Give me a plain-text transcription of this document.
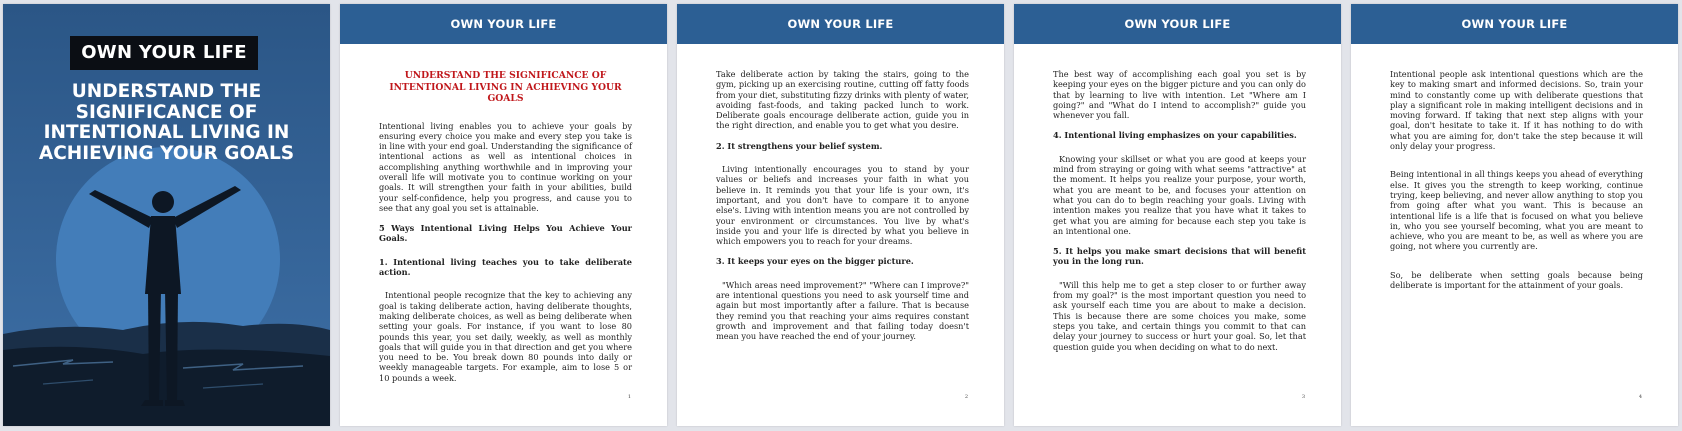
OWN YOUR LIFE
UNDERSTAND THE SIGNIFICANCE OF INTENTIONAL LIVING IN ACHIEVING YOUR GOALS
OWN YOUR LIFE
UNDERSTAND THE SIGNIFICANCE OF INTENTIONAL LIVING IN ACHIEVING YOUR GOALS

Intentional living enables you to achieve your goals by ensuring every choice you make and every step you take is in line with your end goal. Understanding the significance of intentional actions as well as intentional choices in accomplishing anything worthwhile and in improving your overall life will motivate you to continue working on your goals. It will strengthen your faith in your abilities, build your self-confidence, help you progress, and cause you to see that any goal you set is attainable.

5 Ways Intentional Living Helps You Achieve Your Goals.

1. Intentional living teaches you to take deliberate action.

Intentional people recognize that the key to achieving any goal is taking deliberate action, having deliberate thoughts, making deliberate choices, as well as being deliberate when setting your goals. For instance, if you want to lose 80 pounds this year, you set daily, weekly, as well as monthly goals that will guide you in that direction and get you where you need to be. You break down 80 pounds into daily or weekly manageable targets. For example, aim to lose 5 or 10 pounds a week.

1
OWN YOUR LIFE

Take deliberate action by taking the stairs, going to the gym, picking up an exercising routine, cutting off fatty foods from your diet, substituting fizzy drinks with plenty of water, avoiding fast-foods, and taking packed lunch to work. Deliberate goals encourage deliberate action, guide you in the right direction, and enable you to get what you desire.

2. It strengthens your belief system.

Living intentionally encourages you to stand by your values or beliefs and increases your faith in what you believe in. It reminds you that your life is your own, it's important, and you don't have to compare it to anyone else's. Living with intention means you are not controlled by your environment or circumstances. You live by what's inside you and your life is directed by what you believe in which empowers you to reach for your dreams.

3. It keeps your eyes on the bigger picture.

"Which areas need improvement?" "Where can I improve?" are intentional questions you need to ask yourself time and again but most importantly after a failure. That is because they remind you that reaching your aims requires constant growth and improvement and that failing today doesn't mean you have reached the end of your journey.

2
OWN YOUR LIFE

The best way of accomplishing each goal you set is by keeping your eyes on the bigger picture and you can only do that by learning to live with intention. Let "Where am I going?" and "What do I intend to accomplish?" guide you whenever you fall.

4. Intentional living emphasizes on your capabilities.

Knowing your skillset or what you are good at keeps your mind from straying or going with what seems "attractive" at the moment. It helps you realize your purpose, your worth, what you are meant to be, and focuses your attention on what you can do to begin reaching your goals. Living with intention makes you realize that you have what it takes to get what you are aiming for because each step you take is an intentional one.

5. It helps you make smart decisions that will benefit you in the long run.

"Will this help me to get a step closer to or further away from my goal?" is the most important question you need to ask yourself each time you are about to make a decision. This is because there are some choices you make, some steps you take, and certain things you commit to that can delay your journey to success or hurt your goal. So, let that question guide you when deciding on what to do next.

3
OWN YOUR LIFE

Intentional people ask intentional questions which are the key to making smart and informed decisions. So, train your mind to constantly come up with deliberate questions that play a significant role in making intelligent decisions and in moving forward. If taking that next step aligns with your goal, don't hesitate to take it. If it has nothing to do with what you are aiming for, don't take the step because it will only delay your progress.

Being intentional in all things keeps you ahead of everything else. It gives you the strength to keep working, continue trying, keep believing, and never allow anything to stop you from going after what you want. This is because an intentional life is a life that is focused on what you believe in, who you see yourself becoming, what you are meant to achieve, who you are meant to be, as well as where you are going, not where you currently are.

So, be deliberate when setting goals because being deliberate is important for the attainment of your goals.

4
